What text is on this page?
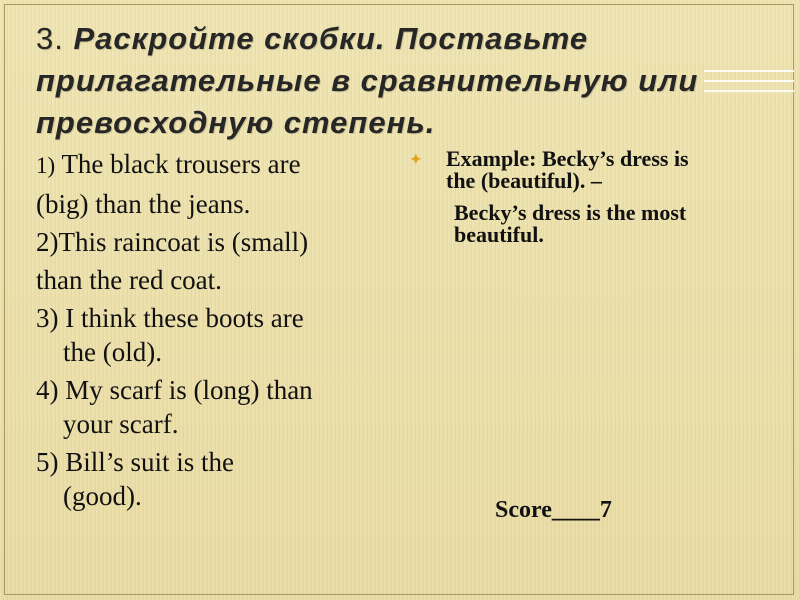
3. Раскройте скобки. Поставьте
прилагательные в сравнительную или
превосходную степень.
1) The black trousers are
(big) than the jeans.
2)This raincoat is (small)
than the red coat.
3) I think these boots are
the (old).
4) My scarf is (long) than
your scarf.
5) Bill’s suit is the
(good).
✦ Example: Becky’s dress is
the (beautiful). –
Becky’s dress is the most
beautiful.
Score____7
